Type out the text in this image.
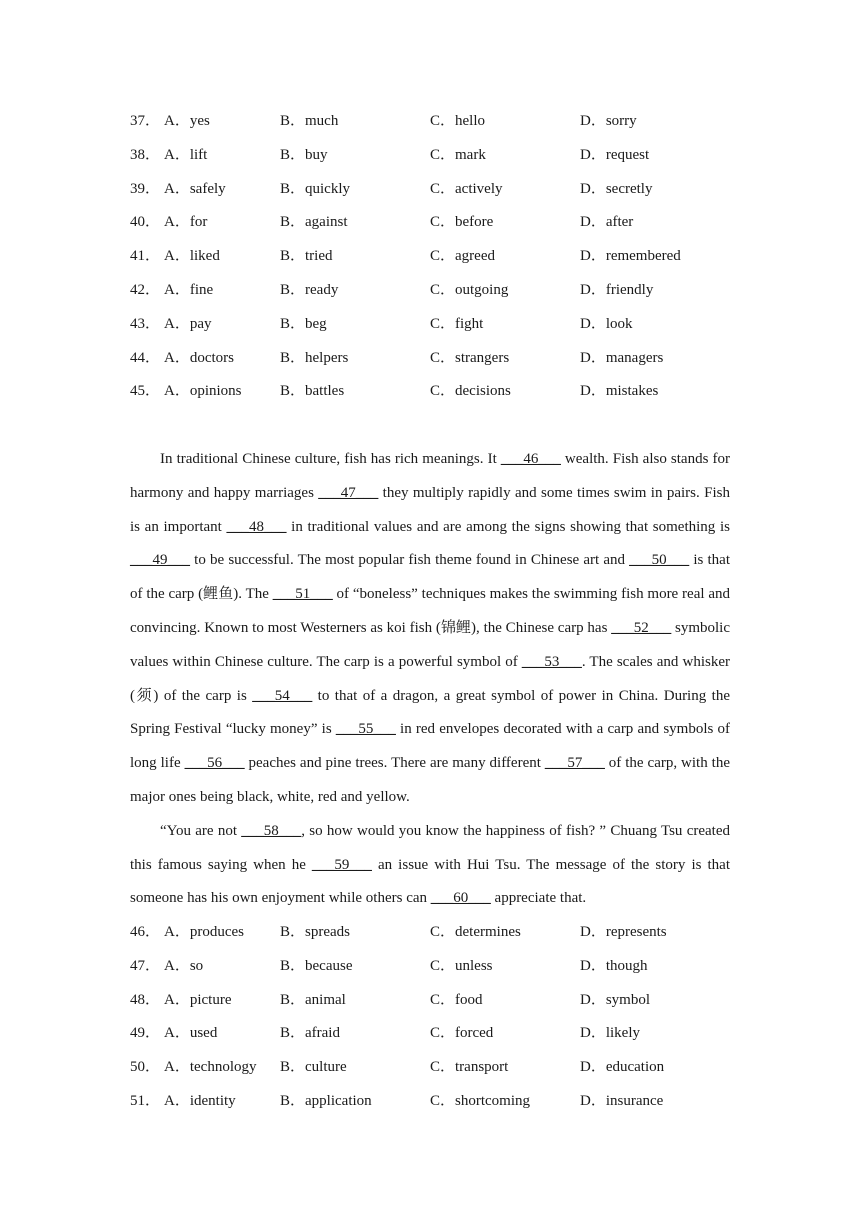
37． A．yes	B．much	C．hello	D．sorry
38． A．lift	B．buy	C．mark	D．request
39． A．safely	B．quickly	C．actively	D．secretly
40． A．for	B．against	C．before	D．after
41． A．liked	B．tried	C．agreed	D．remembered
42． A．fine	B．ready	C．outgoing	D．friendly
43． A．pay	B．beg	C．fight	D．look
44． A．doctors	B．helpers	C．strangers	D．managers
45． A．opinions	B．battles	C．decisions	D．mistakes

In traditional Chinese culture, fish has rich meanings. It ___46___ wealth. Fish also stands for harmony and happy marriages ___47___ they multiply rapidly and some times swim in pairs. Fish is an important ___48___ in traditional values and are among the signs showing that something is ___49___ to be successful. The most popular fish theme found in Chinese art and ___50___ is that of the carp (鲤鱼). The ___51___ of “boneless” techniques makes the swimming fish more real and convincing. Known to most Westerners as koi fish (锦鲤), the Chinese carp has ___52___ symbolic values within Chinese culture. The carp is a powerful symbol of ___53___. The scales and whisker (须) of the carp is ___54___ to that of a dragon, a great symbol of power in China. During the Spring Festival “lucky money” is ___55___ in red envelopes decorated with a carp and symbols of long life ___56___ peaches and pine trees. There are many different ___57___ of the carp, with the major ones being black, white, red and yellow.

“You are not ___58___, so how would you know the happiness of fish? ” Chuang Tsu created this famous saying when he ___59___ an issue with Hui Tsu. The message of the story is that someone has his own enjoyment while others can ___60___ appreciate that.

46． A．produces B．spreads	C．determines	D．represents
47． A．so	B．because	C．unless	D．though
48． A．picture	B．animal	C．food	D．symbol
49． A．used	B．afraid	C．forced	D．likely
50． A．technology B．culture	C．transport	D．education
51． A．identity	B．application	C．shortcoming	D．insurance
